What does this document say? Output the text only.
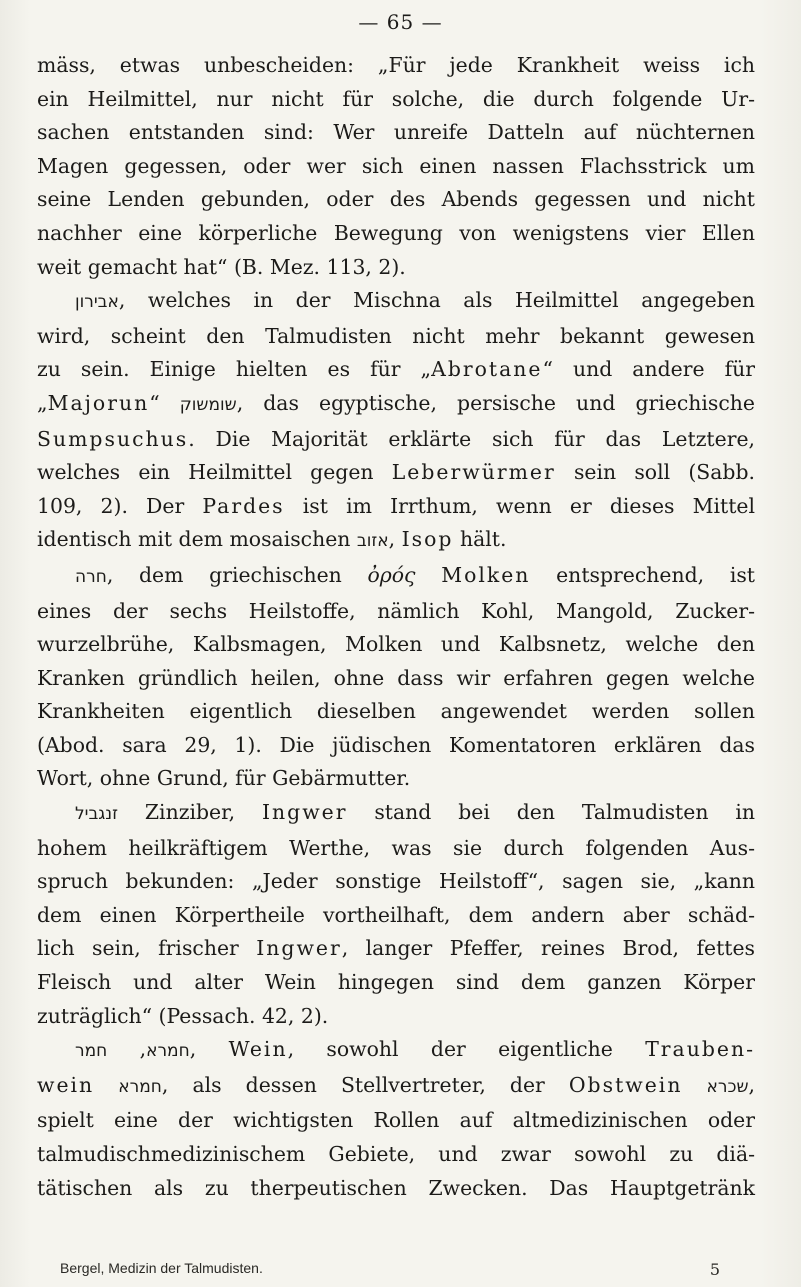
— 65 —
mäss, etwas unbescheiden: „Für jede Krankheit weiss ich
ein Heilmittel, nur nicht für solche, die durch folgende Ur-
sachen entstanden sind: Wer unreife Datteln auf nüchternen
Magen gegessen, oder wer sich einen nassen Flachsstrick um
seine Lenden gebunden, oder des Abends gegessen und nicht
nachher eine körperliche Bewegung von wenigstens vier Ellen
weit gemacht hat“ (B. Mez. 113, 2).
אבירון, welches in der Mischna als Heilmittel angegeben
wird, scheint den Talmudisten nicht mehr bekannt gewesen
zu sein. Einige hielten es für „Abrotane“ und andere für
„Majorun“ שומשוק, das egyptische, persische und griechische
Sumpsuchus. Die Majorität erklärte sich für das Letztere,
welches ein Heilmittel gegen Leberwürmer sein soll (Sabb.
109, 2). Der Pardes ist im Irrthum, wenn er dieses Mittel
identisch mit dem mosaischen אזוב, Isop hält.
חרה, dem griechischen ὀρός Molken entsprechend, ist
eines der sechs Heilstoffe, nämlich Kohl, Mangold, Zucker-
wurzelbrühe, Kalbsmagen, Molken und Kalbsnetz, welche den
Kranken gründlich heilen, ohne dass wir erfahren gegen welche
Krankheiten eigentlich dieselben angewendet werden sollen
(Abod. sara 29, 1). Die jüdischen Komentatoren erklären das
Wort, ohne Grund, für Gebärmutter.
זנגביל Zinziber, Ingwer stand bei den Talmudisten in
hohem heilkräftigem Werthe, was sie durch folgenden Aus-
spruch bekunden: „Jeder sonstige Heilstoff“, sagen sie, „kann
dem einen Körpertheile vortheilhaft, dem andern aber schäd-
lich sein, frischer Ingwer, langer Pfeffer, reines Brod, fettes
Fleisch und alter Wein hingegen sind dem ganzen Körper
zuträglich“ (Pessach. 42, 2).
חמרא, חמר	, Wein, sowohl der eigentliche Trauben-
wein חמרא, als dessen Stellvertreter, der Obstwein שכרא,
spielt eine der wichtigsten Rollen auf altmedizinischen oder
talmudischmedizinischem Gebiete, und zwar sowohl zu diä-
tätischen als zu therpeutischen Zwecken. Das Hauptgetränk
Bergel, Medizin der Talmudisten.	5
